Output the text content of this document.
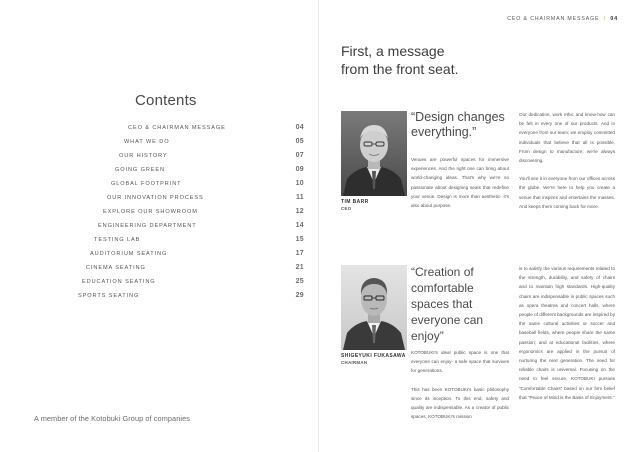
Contents
CEO & CHAIRMAN MESSAGE	04
WHAT WE DO	05
OUR HISTORY	07
GOING GREEN	09
GLOBAL FOOTPRINT	10
OUR INNOVATION PROCESS	11
EXPLORE OUR SHOWROOM	12
ENGINEERING DEPARTMENT	14
TESTING LAB	15
AUDITORIUM SEATING	17
CINEMA SEATING	21
EDUCATION SEATING	25
SPORTS SEATING	29
A member of the Kotobuki Group of companies
CEO & CHAIRMAN MESSAGE / 04
First, a message
from the front seat.
TIM BARR
CEO
“Design changes everything.”

Venues are powerful spaces for immersive experiences. And the right one can bring about world-changing ideas. That's why we're so passionate about designing seats that redefine your venue. Design is more than aesthetic- it's also about purpose.

Our dedication, work ethic and know-how can be felt in every one of our products. And in everyone from our team; we employ committed individuals that believe that all is possible. From design to manufacture; we're always discovering.

You'll see it in everyone from our offices across the globe. We're here to help you create a venue that inspires and entertains the masses. And keeps them coming back for more.

SHIGEYUKI FUKASAWA
CHAIRMAN
“Creation of comfortable spaces that everyone can enjoy”

KOTOBUKI's ideal public space is one that everyone can enjoy- a safe space that survives for generations.

This has been KOTOBUKI's basic philosophy since its inception. To this end, safety and quality are indispensable. As a creator of public spaces, KOTOBUKI's mission

is to satisfy the various requirements related to the strength, durability, and safety of chairs and to maintain high standards. High-quality chairs are indispensable in public spaces such as opera theatres and concert halls, where people of different backgrounds are inspired by the same cultural activities or soccer and baseball fields, where people share the same passion; and at educational facilities, where ergonomics are applied in the pursuit of nurturing the next generation. The need for reliable chairs is universal. Focusing on the need to feel secure, KOTOBUKI pursues “Comfortable Chairs” based on our firm belief that “Peace of Mind is the Basis of Enjoyment.”
